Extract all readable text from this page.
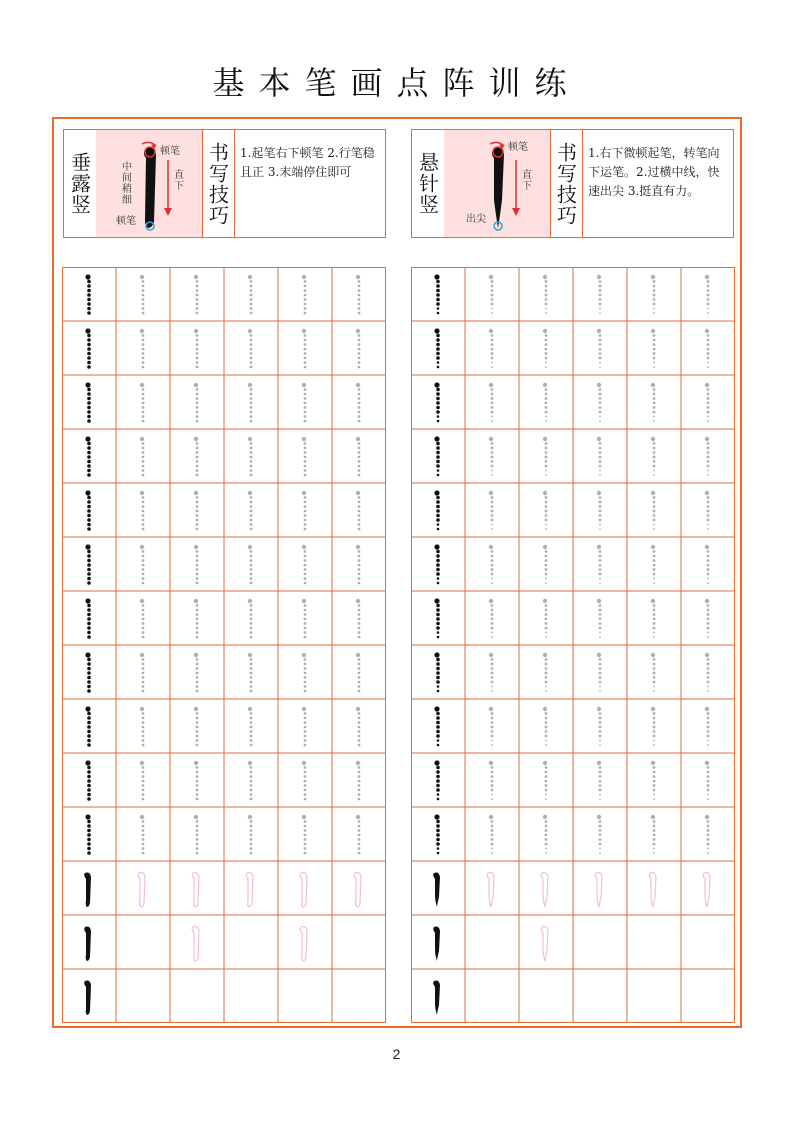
基本笔画点阵训练
垂露竖
顿笔
中间稍细
直下
顿笔	书写技巧 1.起笔右下顿笔 2.行笔稳且正 3.末端停住即可	悬针竖
顿笔
直下
出尖	书写技巧 1.右下微顿起笔，转笔向下运笔。2.过横中线，快速出尖 3.挺直有力。
2
